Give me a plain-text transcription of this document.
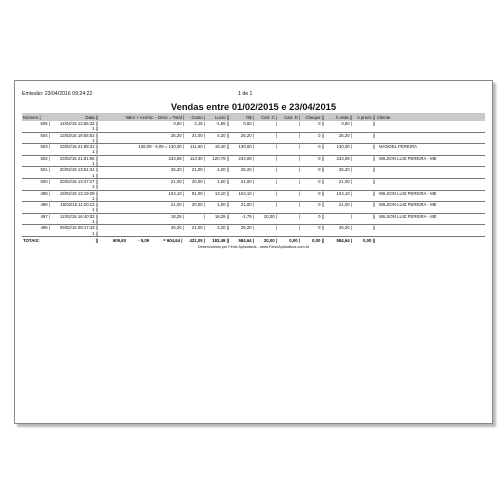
Emissão: 23/04/2016 09:24:22	1 de 1
Vendas entre 01/02/2015 e 23/04/2015
Número |	Data ||	Valor + Acrésc. - Desc = Total |	Custo |	Lucro ||	R$ |	Cart. C |	Cart. D |	Cheque ||	À vista ||	A prazo ||	Cliente
505 |	14/04/15 12:56:32 ||	0,50 |	2,15 |	-1,65 ||	0,50 |	|	|	0 ||	0,50 |	||	
	1 ||										
504 |	13/03/15 19:56:53 ||	25,20 |	21,00 |	4,20 ||	25,20 |	|	|	0 ||	25,20 |	||	
	1 ||										
503 |	23/02/15 21:88:31 ||	135,09 - 5,09 = 130,00 |	111,60 |	18,40 ||	130,00 |	|	|	0 ||	130,00 |	||	MANOEL PEREIRA
	1 ||										
502 |	23/02/15 21:81:56 ||	234,69 |	113,30 |	120,79 ||	234,09 |	|	|	0 ||	234,09 |	||	WILSON LUIZ PEREIRA - ME
	1 ||										
501 |	20/02/15 13:51:31 ||	25,20 |	21,00 |	4,20 ||	25,20 |	|	|	0 ||	25,20 |	||	
	1 ||										
500 |	20/02/15 13:47:27 ||	21,00 |	20,00 |	1,00 ||	21,00 |	|	|	0 ||	21,00 |	||	
	1 ||										
499 |	19/02/15 13:19:29 ||	104,10 |	91,00 |	13,10 ||	104,10 |	|	|	0 ||	104,10 |	||	WILSON LUIZ PEREIRA - ME
	1 ||										
498 |	19/02/15 11:20:13 ||	21,00 |	20,00 |	1,00 ||	21,00 |	|	|	0 ||	21,00 |	||	WILSON LUIZ PEREIRA - ME
	1 ||										
497 |	12/02/15 16:40:02 ||	18,25 |	|	18,25 ||	-1,75 |	20,00 |	|	0 ||	|	||	WILSON LUIZ PEREIRA - ME
	1 ||										
496 |	09/02/15 09:17:43 ||	25,20 |	21,00 |	4,20 ||	25,20 |	|	|	0 ||	25,20 |	||	
	1 ||										
TOTAIS:	||	609,63 - 5,09 = 604,64 |	421,05 |	183,49 ||	584,64 |	20,00 |	0,00 |	0,00 ||	584,64 |	0,00 ||	
Desenvolvido por Fênix Aplicativos - www.FenixAplicativos.com.br
